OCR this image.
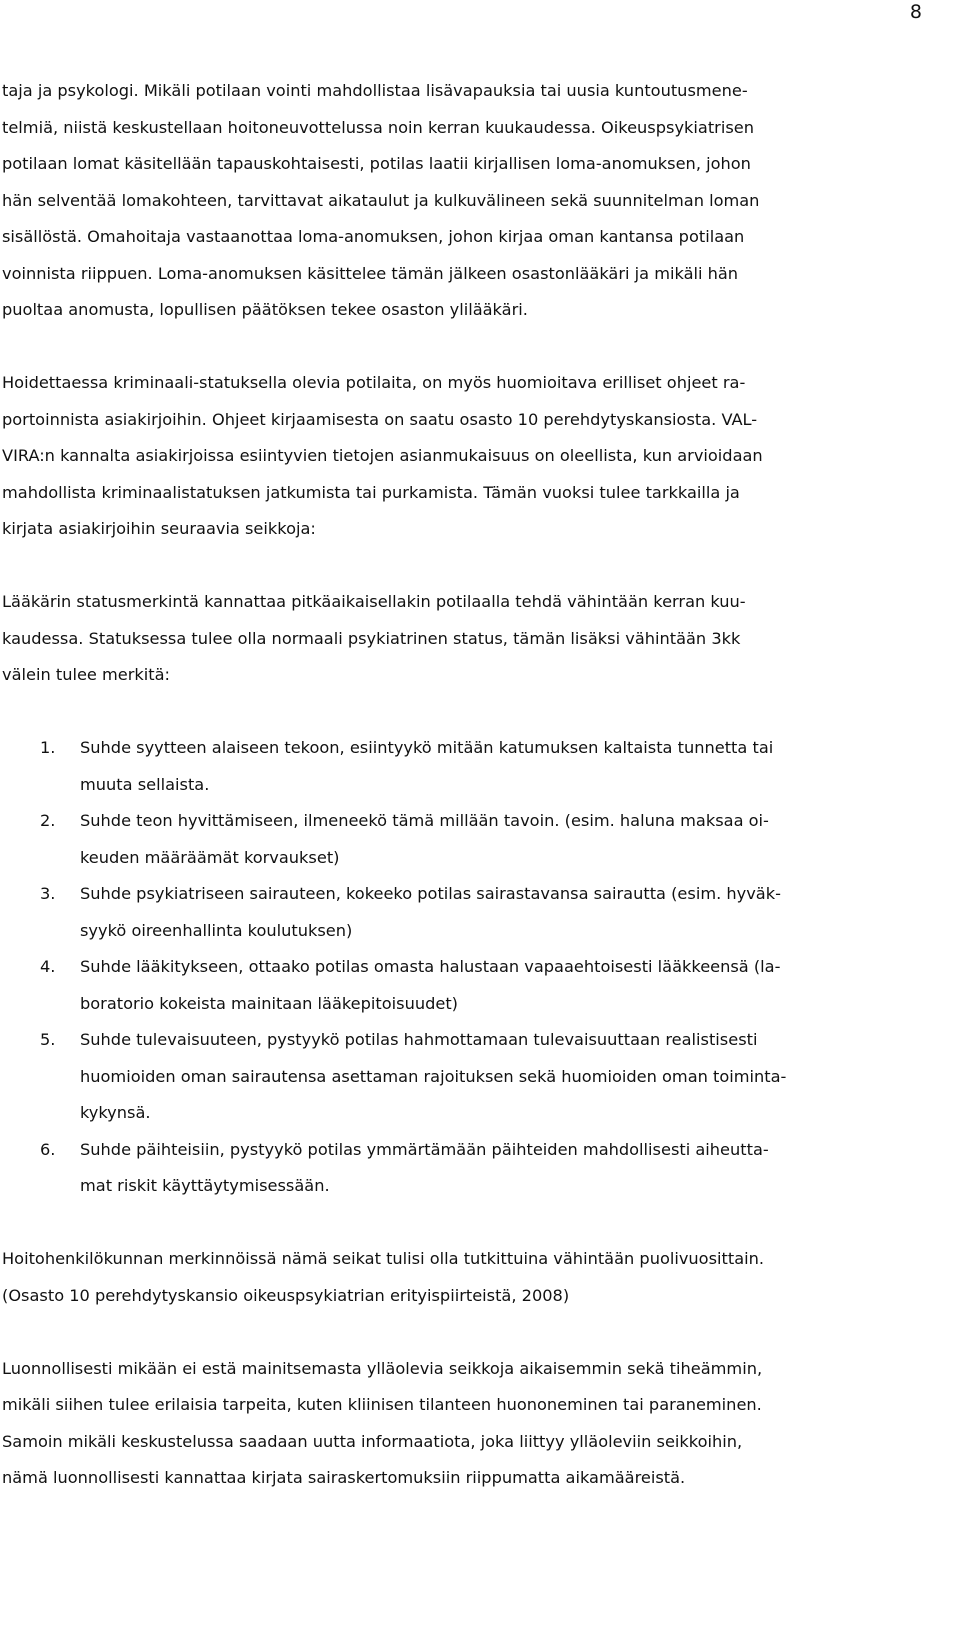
8
taja ja psykologi. Mikäli potilaan vointi mahdollistaa lisävapauksia tai uusia kuntoutusmene-
telmiä, niistä keskustellaan hoitoneuvottelussa noin kerran kuukaudessa. Oikeuspsykiatrisen
potilaan lomat käsitellään tapauskohtaisesti, potilas laatii kirjallisen loma-anomuksen, johon
hän selventää lomakohteen, tarvittavat aikataulut ja kulkuvälineen sekä suunnitelman loman
sisällöstä. Omahoitaja vastaanottaa loma-anomuksen, johon kirjaa oman kantansa potilaan
voinnista riippuen. Loma-anomuksen käsittelee tämän jälkeen osastonlääkäri ja mikäli hän
puoltaa anomusta, lopullisen päätöksen tekee osaston ylilääkäri.
Hoidettaessa kriminaali-statuksella olevia potilaita, on myös huomioitava erilliset ohjeet ra-
portoinnista asiakirjoihin. Ohjeet kirjaamisesta on saatu osasto 10 perehdytyskansiosta. VAL-
VIRA:n kannalta asiakirjoissa esiintyvien tietojen asianmukaisuus on oleellista, kun arvioidaan
mahdollista kriminaalistatuksen jatkumista tai purkamista. Tämän vuoksi tulee tarkkailla ja
kirjata asiakirjoihin seuraavia seikkoja:
Lääkärin statusmerkintä kannattaa pitkäaikaisellakin potilaalla tehdä vähintään kerran kuu-
kaudessa. Statuksessa tulee olla normaali psykiatrinen status, tämän lisäksi vähintään 3kk
välein tulee merkitä:
1.	Suhde syytteen alaiseen tekoon, esiintyykö mitään katumuksen kaltaista tunnetta tai
muuta sellaista.
2.	Suhde teon hyvittämiseen, ilmeneekö tämä millään tavoin. (esim. haluna maksaa oi-
keuden määräämät korvaukset)
3.	Suhde psykiatriseen sairauteen, kokeeko potilas sairastavansa sairautta (esim. hyväk-
syykö oireenhallinta koulutuksen)
4.	Suhde lääkitykseen, ottaako potilas omasta halustaan vapaaehtoisesti lääkkeensä (la-
boratorio kokeista mainitaan lääkepitoisuudet)
5.	Suhde tulevaisuuteen, pystyykö potilas hahmottamaan tulevaisuuttaan realistisesti
huomioiden oman sairautensa asettaman rajoituksen sekä huomioiden oman toiminta-
kykynsä.
6.	Suhde päihteisiin, pystyykö potilas ymmärtämään päihteiden mahdollisesti aiheutta-
mat riskit käyttäytymisessään.
Hoitohenkilökunnan merkinnöissä nämä seikat tulisi olla tutkittuina vähintään puolivuosittain.
(Osasto 10 perehdytyskansio oikeuspsykiatrian erityispiirteistä, 2008)
Luonnollisesti mikään ei estä mainitsemasta ylläolevia seikkoja aikaisemmin sekä tiheämmin,
mikäli siihen tulee erilaisia tarpeita, kuten kliinisen tilanteen huononeminen tai paraneminen.
Samoin mikäli keskustelussa saadaan uutta informaatiota, joka liittyy ylläoleviin seikkoihin,
nämä luonnollisesti kannattaa kirjata sairaskertomuksiin riippumatta aikamääreistä.
